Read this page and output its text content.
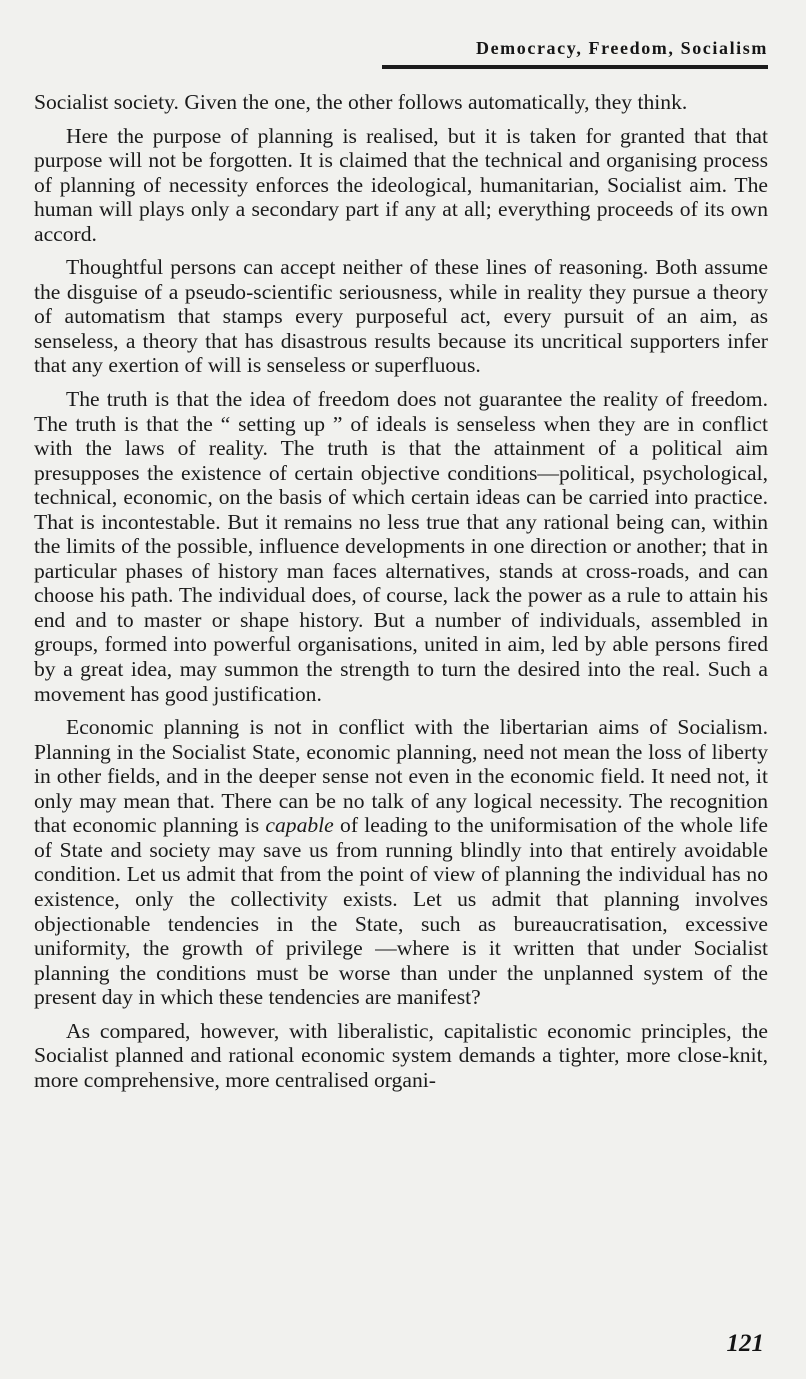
Democracy, Freedom, Socialism

Socialist society. Given the one, the other follows automatically, they think.

Here the purpose of planning is realised, but it is taken for granted that that purpose will not be forgotten. It is claimed that the technical and organising process of planning of necessity enforces the ideological, humanitarian, Socialist aim. The human will plays only a secondary part if any at all; everything proceeds of its own accord.

Thoughtful persons can accept neither of these lines of reasoning. Both assume the disguise of a pseudo-scientific seriousness, while in reality they pursue a theory of automatism that stamps every purposeful act, every pursuit of an aim, as senseless, a theory that has disastrous results because its uncritical supporters infer that any exertion of will is senseless or superfluous.

The truth is that the idea of freedom does not guarantee the reality of freedom. The truth is that the “ setting up ” of ideals is senseless when they are in conflict with the laws of reality. The truth is that the attainment of a political aim presupposes the existence of certain objective conditions—political, psychological, technical, economic, on the basis of which certain ideas can be carried into practice. That is incontestable. But it remains no less true that any rational being can, within the limits of the possible, influence developments in one direction or another; that in particular phases of history man faces alternatives, stands at cross-roads, and can choose his path. The individual does, of course, lack the power as a rule to attain his end and to master or shape history. But a number of individuals, assembled in groups, formed into powerful organisations, united in aim, led by able persons fired by a great idea, may summon the strength to turn the desired into the real. Such a movement has good justification.

Economic planning is not in conflict with the libertarian aims of Socialism. Planning in the Socialist State, economic planning, need not mean the loss of liberty in other fields, and in the deeper sense not even in the economic field. It need not, it only may mean that. There can be no talk of any logical necessity. The recognition that economic planning is capable of leading to the uniformisation of the whole life of State and society may save us from running blindly into that entirely avoidable condition. Let us admit that from the point of view of planning the individual has no existence, only the collectivity exists. Let us admit that planning involves objectionable tendencies in the State, such as bureaucratisation, excessive uniformity, the growth of privilege —where is it written that under Socialist planning the conditions must be worse than under the unplanned system of the present day in which these tendencies are manifest?

As compared, however, with liberalistic, capitalistic economic principles, the Socialist planned and rational economic system demands a tighter, more close-knit, more comprehensive, more centralised organi-

121
